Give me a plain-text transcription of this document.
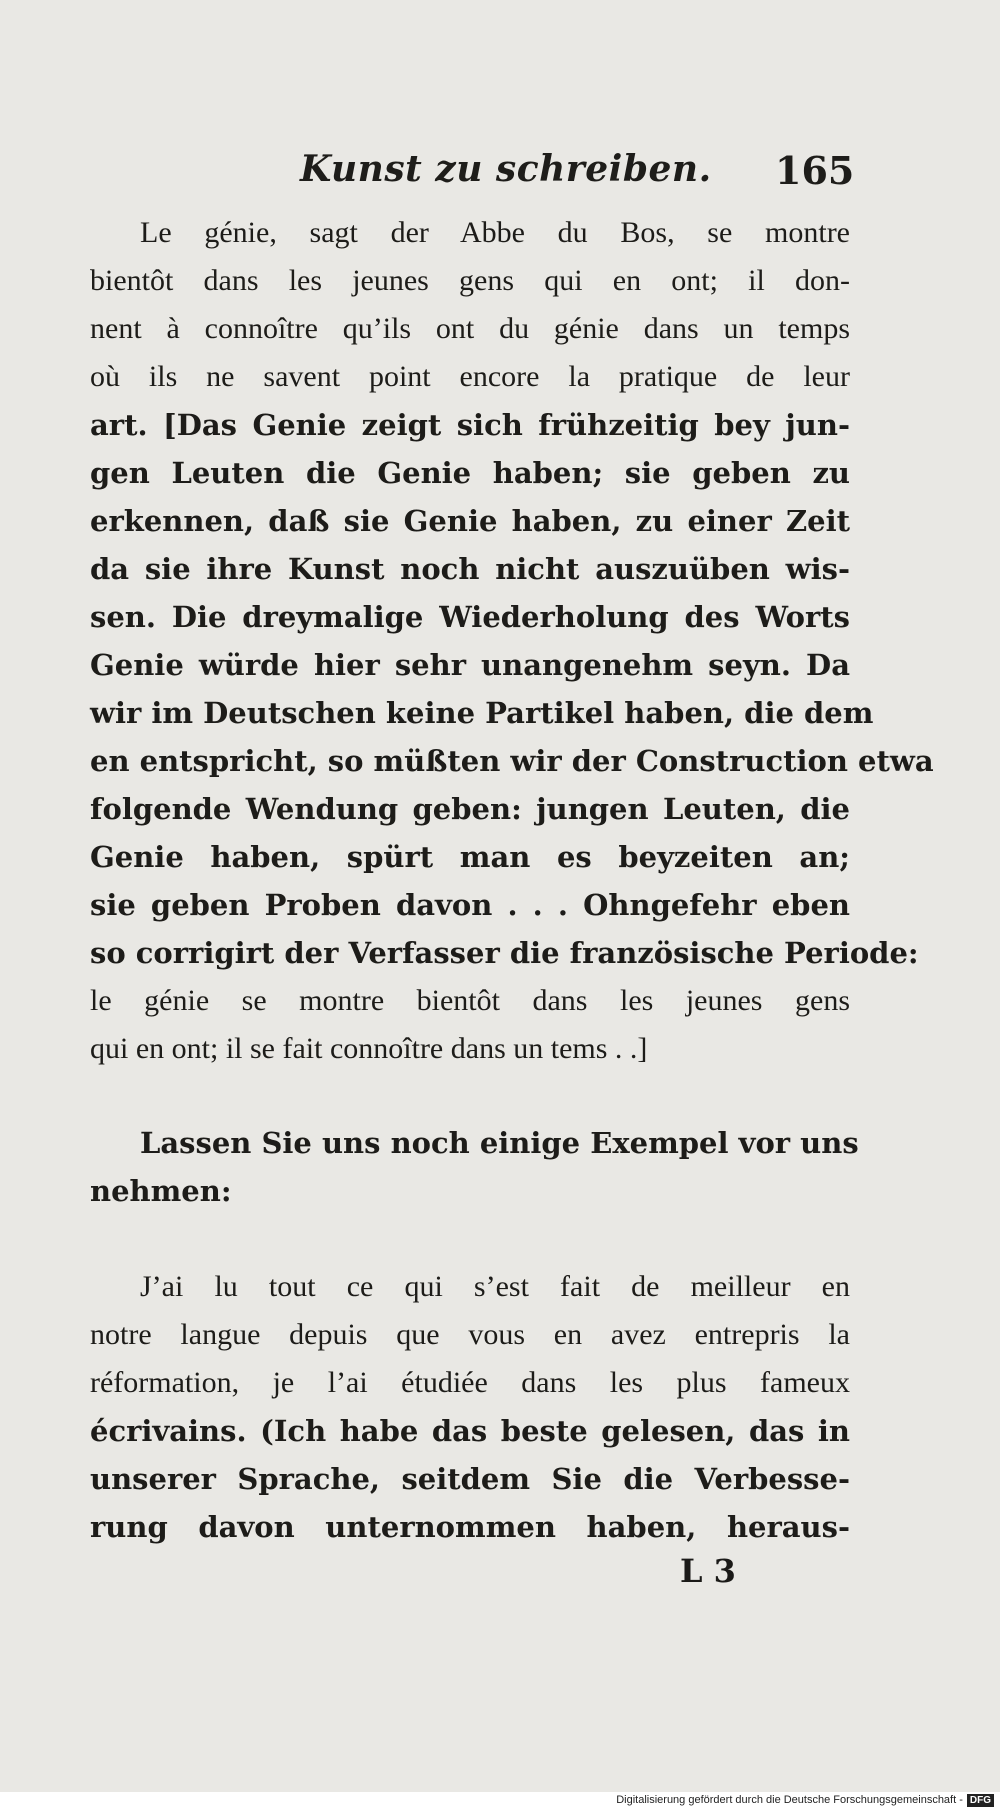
Kunst zu schreiben. 165
Le génie, sagt der Abbe du Bos, se montre
bientôt dans les jeunes gens qui en ont; il don-
nent à connoître qu’ils ont du génie dans un temps
où ils ne savent point encore la pratique de leur
art. [Das Genie zeigt sich frühzeitig bey jun-
gen Leuten die Genie haben; sie geben zu
erkennen, daß sie Genie haben, zu einer Zeit
da sie ihre Kunst noch nicht auszuüben wis-
sen. Die dreymalige Wiederholung des Worts
Genie würde hier sehr unangenehm seyn. Da
wir im Deutschen keine Partikel haben, die dem
en entspricht, so müßten wir der Construction etwa
folgende Wendung geben: jungen Leuten, die
Genie haben, spürt man es beyzeiten an;
sie geben Proben davon . . . Ohngefehr eben
so corrigirt der Verfasser die französische Periode:
le génie se montre bientôt dans les jeunes gens
qui en ont; il se fait connoître dans un tems . .]
Lassen Sie uns noch einige Exempel vor uns
nehmen:
J’ai lu tout ce qui s’est fait de meilleur en
notre langue depuis que vous en avez entrepris la
réformation, je l’ai étudiée dans les plus fameux
écrivains. (Ich habe das beste gelesen, das in
unserer Sprache, seitdem Sie die Verbesse-
rung davon unternommen haben, heraus-
L 3
Digitalisierung gefördert durch die Deutsche Forschungsgemeinschaft - DFG
